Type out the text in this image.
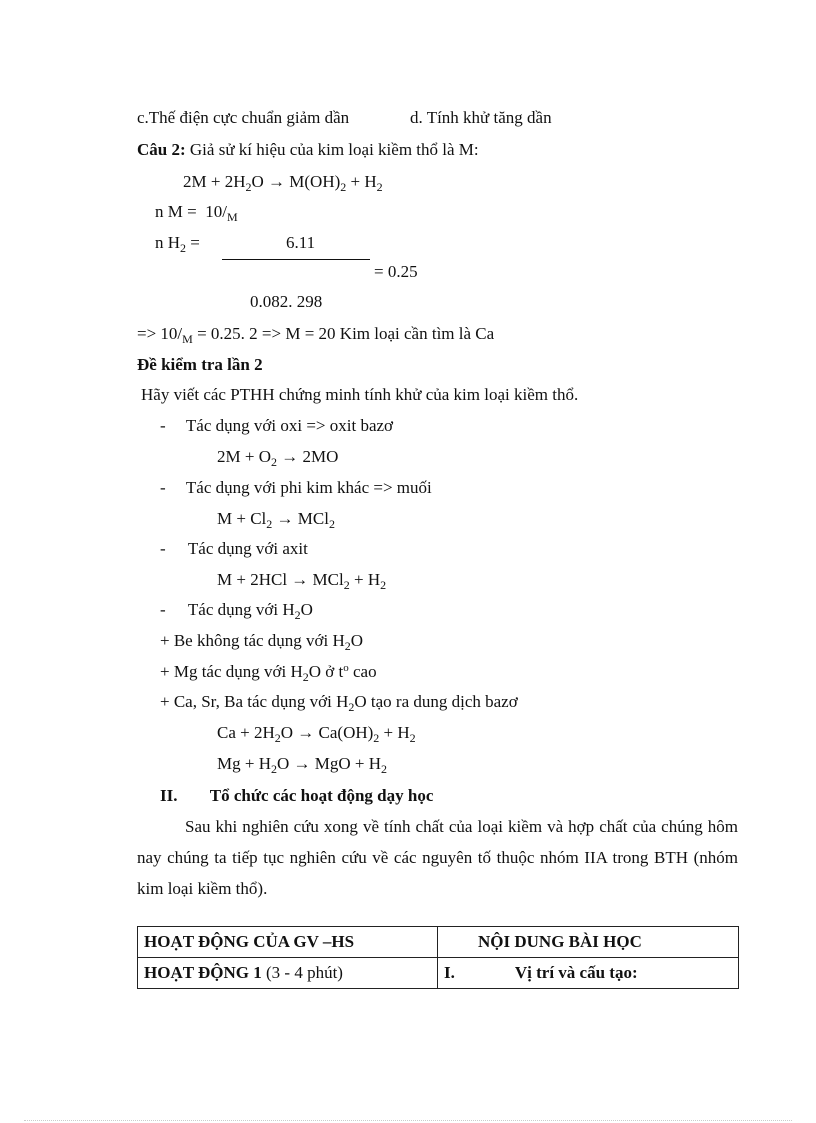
c.Thế điện cực chuẩn giảm dần	d. Tính khử tăng dần
Câu 2: Giả sử kí hiệu của kim loại kiềm thổ là M:
$2M + 2H_2O \to M(OH)_2 + H_2$
n $M = 10/_M$
n $H_2$ =	6.11
= 0.25
0.082. 298
=> $10/_M = 0.25$. 2 => M = 20 Kim loại cần tìm là Ca
Đề kiểm tra lần 2
Hãy viết các PTHH chứng minh tính khử của kim loại kiềm thổ.
- Tác dụng với oxi => oxit bazơ
$2M + O_2 \to 2MO$
- Tác dụng với phi kim khác => muối
$M + Cl_2 \to MCl_2$
- Tác dụng với axit
$M + 2HCl \to MCl_2 + H_2$
- Tác dụng với $H_2O$
+ Be không tác dụng với $H_2O$
+ Mg tác dụng với $H_2O$ ở $t^o$ cao
+ Ca, Sr, Ba tác dụng với $H_2O$ tạo ra dung dịch bazơ
$Ca + 2H_2O \to Ca(OH)_2 + H_2$
$Mg + H_2O$ → MgO + $H_2$
II. Tổ chức các hoạt động dạy học
Sau khi nghiên cứu xong về tính chất của loại kiềm và hợp chất của chúng hôm nay chúng ta tiếp tục nghiên cứu về các nguyên tố thuộc nhóm IIA trong BTH (nhóm kim loại kiềm thổ).
HOẠT ĐỘNG CỦA GV –HS	NỘI DUNG BÀI HỌC
HOẠT ĐỘNG 1 (3 - 4 phút)	I. Vị trí và cấu tạo:
